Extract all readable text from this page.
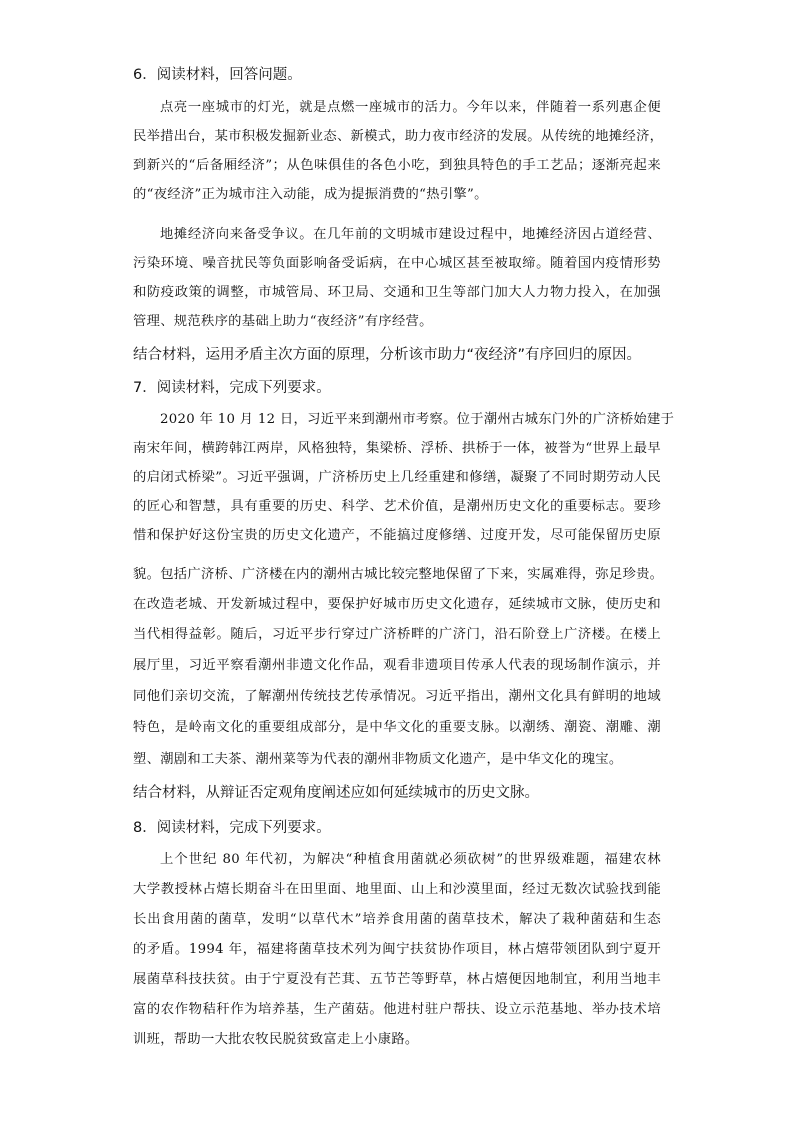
6．阅读材料，回答问题。
点亮一座城市的灯光，就是点燃一座城市的活力。今年以来，伴随着一系列惠企便
民举措出台，某市积极发掘新业态、新模式，助力夜市经济的发展。从传统的地摊经济，
到新兴的“后备厢经济”；从色味俱佳的各色小吃，到独具特色的手工艺品；逐渐亮起来
的“夜经济”正为城市注入动能，成为提振消费的“热引擎”。
地摊经济向来备受争议。在几年前的文明城市建设过程中，地摊经济因占道经营、
污染环境、噪音扰民等负面影响备受诟病，在中心城区甚至被取缔。随着国内疫情形势
和防疫政策的调整，市城管局、环卫局、交通和卫生等部门加大人力物力投入，在加强
管理、规范秩序的基础上助力“夜经济”有序经营。
结合材料，运用矛盾主次方面的原理，分析该市助力“夜经济”有序回归的原因。
7．阅读材料，完成下列要求。
2020 年 10 月 12 日，习近平来到潮州市考察。位于潮州古城东门外的广济桥始建于
南宋年间，横跨韩江两岸，风格独特，集梁桥、浮桥、拱桥于一体，被誉为“世界上最早
的启闭式桥梁”。习近平强调，广济桥历史上几经重建和修缮，凝聚了不同时期劳动人民
的匠心和智慧，具有重要的历史、科学、艺术价值，是潮州历史文化的重要标志。要珍
惜和保护好这份宝贵的历史文化遗产，不能搞过度修缮、过度开发，尽可能保留历史原
貌。包括广济桥、广济楼在内的潮州古城比较完整地保留了下来，实属难得，弥足珍贵。
在改造老城、开发新城过程中，要保护好城市历史文化遗存，延续城市文脉，使历史和
当代相得益彰。随后，习近平步行穿过广济桥畔的广济门，沿石阶登上广济楼。在楼上
展厅里，习近平察看潮州非遗文化作品，观看非遗项目传承人代表的现场制作演示，并
同他们亲切交流，了解潮州传统技艺传承情况。习近平指出，潮州文化具有鲜明的地域
特色，是岭南文化的重要组成部分，是中华文化的重要支脉。以潮绣、潮瓷、潮雕、潮
塑、潮剧和工夫茶、潮州菜等为代表的潮州非物质文化遗产，是中华文化的瑰宝。
结合材料，从辩证否定观角度阐述应如何延续城市的历史文脉。
8．阅读材料，完成下列要求。
上个世纪 80 年代初，为解决“种植食用菌就必须砍树”的世界级难题，福建农林
大学教授林占熺长期奋斗在田里面、地里面、山上和沙漠里面，经过无数次试验找到能
长出食用菌的菌草，发明“以草代木”培养食用菌的菌草技术，解决了栽种菌菇和生态
的矛盾。1994 年，福建将菌草技术列为闽宁扶贫协作项目，林占熺带领团队到宁夏开
展菌草科技扶贫。由于宁夏没有芒萁、五节芒等野草，林占熺便因地制宜，利用当地丰
富的农作物秸秆作为培养基，生产菌菇。他进村驻户帮扶、设立示范基地、举办技术培
训班，帮助一大批农牧民脱贫致富走上小康路。
